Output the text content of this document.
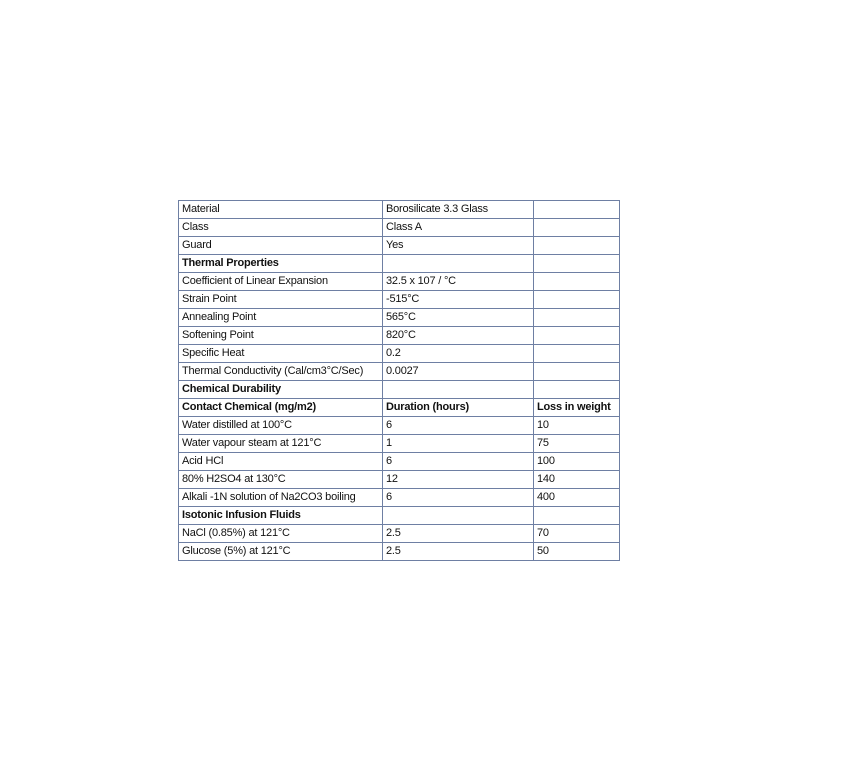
Material	Borosilicate 3.3 Glass	
Class	Class A	
Guard	Yes	
Thermal Properties		
Coefficient of Linear Expansion	32.5 x 107 / °C	
Strain Point	-515°C	
Annealing Point	565°C	
Softening Point	820°C	
Specific Heat	0.2	
Thermal Conductivity (Cal/cm3°C/Sec)	0.0027	
Chemical Durability		
Contact Chemical (mg/m2)	Duration (hours)	Loss in weight
Water distilled at 100°C	6	10
Water vapour steam at 121°C	1	75
Acid HCl	6	100
80% H2SO4 at 130°C	12	140
Alkali -1N solution of Na2CO3 boiling	6	400
Isotonic Infusion Fluids		
NaCl (0.85%) at 121°C	2.5	70
Glucose (5%) at 121°C	2.5	50
